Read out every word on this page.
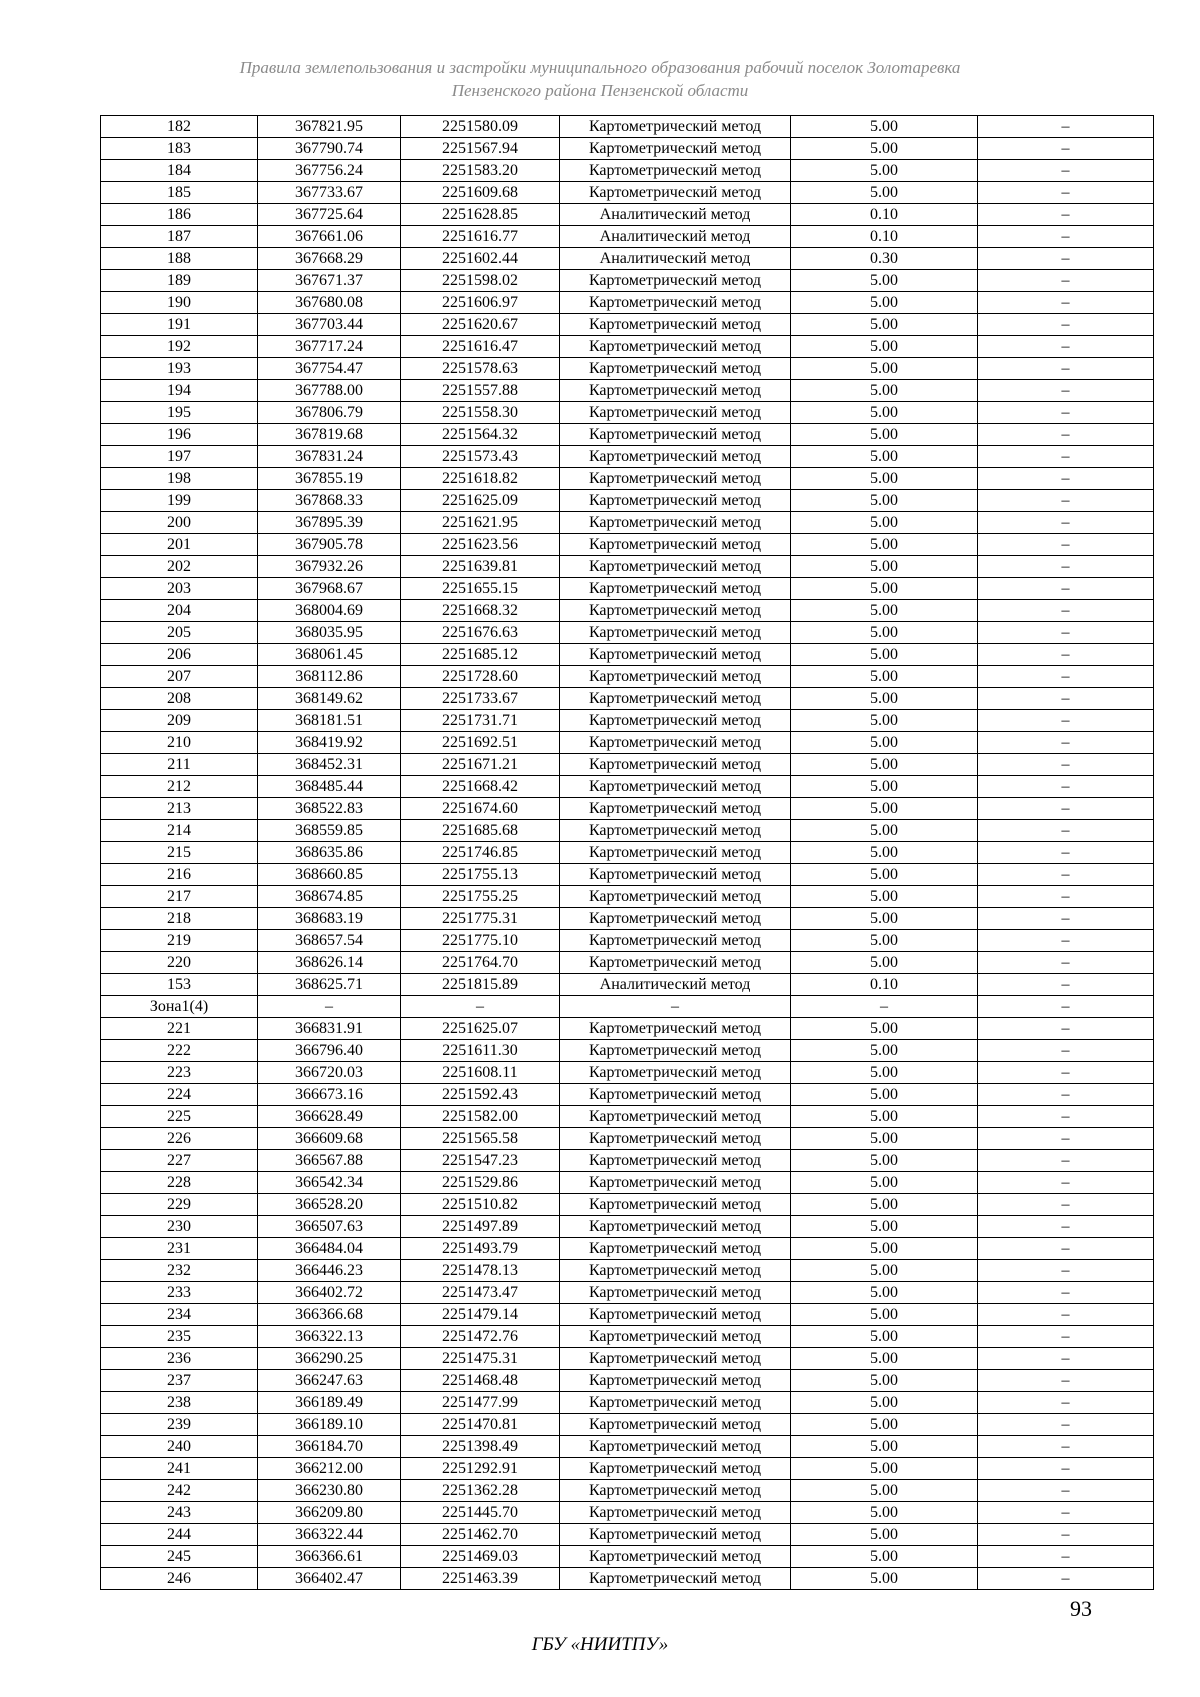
Правила землепользования и застройки муниципального образования рабочий поселок Золотаревка
Пензенского района Пензенской области
182	367821.95	2251580.09	Картометрический метод	5.00	–
183	367790.74	2251567.94	Картометрический метод	5.00	–
184	367756.24	2251583.20	Картометрический метод	5.00	–
185	367733.67	2251609.68	Картометрический метод	5.00	–
186	367725.64	2251628.85	Аналитический метод	0.10	–
187	367661.06	2251616.77	Аналитический метод	0.10	–
188	367668.29	2251602.44	Аналитический метод	0.30	–
189	367671.37	2251598.02	Картометрический метод	5.00	–
190	367680.08	2251606.97	Картометрический метод	5.00	–
191	367703.44	2251620.67	Картометрический метод	5.00	–
192	367717.24	2251616.47	Картометрический метод	5.00	–
193	367754.47	2251578.63	Картометрический метод	5.00	–
194	367788.00	2251557.88	Картометрический метод	5.00	–
195	367806.79	2251558.30	Картометрический метод	5.00	–
196	367819.68	2251564.32	Картометрический метод	5.00	–
197	367831.24	2251573.43	Картометрический метод	5.00	–
198	367855.19	2251618.82	Картометрический метод	5.00	–
199	367868.33	2251625.09	Картометрический метод	5.00	–
200	367895.39	2251621.95	Картометрический метод	5.00	–
201	367905.78	2251623.56	Картометрический метод	5.00	–
202	367932.26	2251639.81	Картометрический метод	5.00	–
203	367968.67	2251655.15	Картометрический метод	5.00	–
204	368004.69	2251668.32	Картометрический метод	5.00	–
205	368035.95	2251676.63	Картометрический метод	5.00	–
206	368061.45	2251685.12	Картометрический метод	5.00	–
207	368112.86	2251728.60	Картометрический метод	5.00	–
208	368149.62	2251733.67	Картометрический метод	5.00	–
209	368181.51	2251731.71	Картометрический метод	5.00	–
210	368419.92	2251692.51	Картометрический метод	5.00	–
211	368452.31	2251671.21	Картометрический метод	5.00	–
212	368485.44	2251668.42	Картометрический метод	5.00	–
213	368522.83	2251674.60	Картометрический метод	5.00	–
214	368559.85	2251685.68	Картометрический метод	5.00	–
215	368635.86	2251746.85	Картометрический метод	5.00	–
216	368660.85	2251755.13	Картометрический метод	5.00	–
217	368674.85	2251755.25	Картометрический метод	5.00	–
218	368683.19	2251775.31	Картометрический метод	5.00	–
219	368657.54	2251775.10	Картометрический метод	5.00	–
220	368626.14	2251764.70	Картометрический метод	5.00	–
153	368625.71	2251815.89	Аналитический метод	0.10	–
Зона1(4)	–	–	–	–	–
221	366831.91	2251625.07	Картометрический метод	5.00	–
222	366796.40	2251611.30	Картометрический метод	5.00	–
223	366720.03	2251608.11	Картометрический метод	5.00	–
224	366673.16	2251592.43	Картометрический метод	5.00	–
225	366628.49	2251582.00	Картометрический метод	5.00	–
226	366609.68	2251565.58	Картометрический метод	5.00	–
227	366567.88	2251547.23	Картометрический метод	5.00	–
228	366542.34	2251529.86	Картометрический метод	5.00	–
229	366528.20	2251510.82	Картометрический метод	5.00	–
230	366507.63	2251497.89	Картометрический метод	5.00	–
231	366484.04	2251493.79	Картометрический метод	5.00	–
232	366446.23	2251478.13	Картометрический метод	5.00	–
233	366402.72	2251473.47	Картометрический метод	5.00	–
234	366366.68	2251479.14	Картометрический метод	5.00	–
235	366322.13	2251472.76	Картометрический метод	5.00	–
236	366290.25	2251475.31	Картометрический метод	5.00	–
237	366247.63	2251468.48	Картометрический метод	5.00	–
238	366189.49	2251477.99	Картометрический метод	5.00	–
239	366189.10	2251470.81	Картометрический метод	5.00	–
240	366184.70	2251398.49	Картометрический метод	5.00	–
241	366212.00	2251292.91	Картометрический метод	5.00	–
242	366230.80	2251362.28	Картометрический метод	5.00	–
243	366209.80	2251445.70	Картометрический метод	5.00	–
244	366322.44	2251462.70	Картометрический метод	5.00	–
245	366366.61	2251469.03	Картометрический метод	5.00	–
246	366402.47	2251463.39	Картометрический метод	5.00	–
93
ГБУ «НИИТПУ»
